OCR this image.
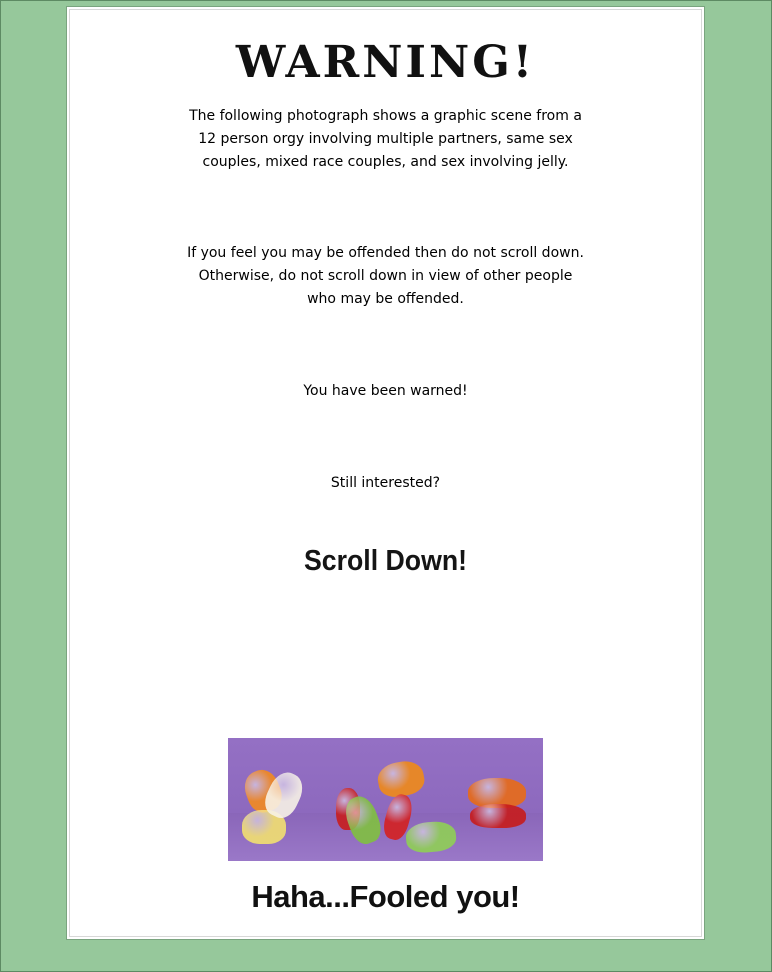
WARNING!
The following photograph shows a graphic scene from a
12 person orgy involving multiple partners, same sex
couples, mixed race couples, and sex involving jelly.
If you feel you may be offended then do not scroll down.
Otherwise, do not scroll down in view of other people
who may be offended.
You have been warned!
Still interested?
Scroll Down!
Haha...Fooled you!
